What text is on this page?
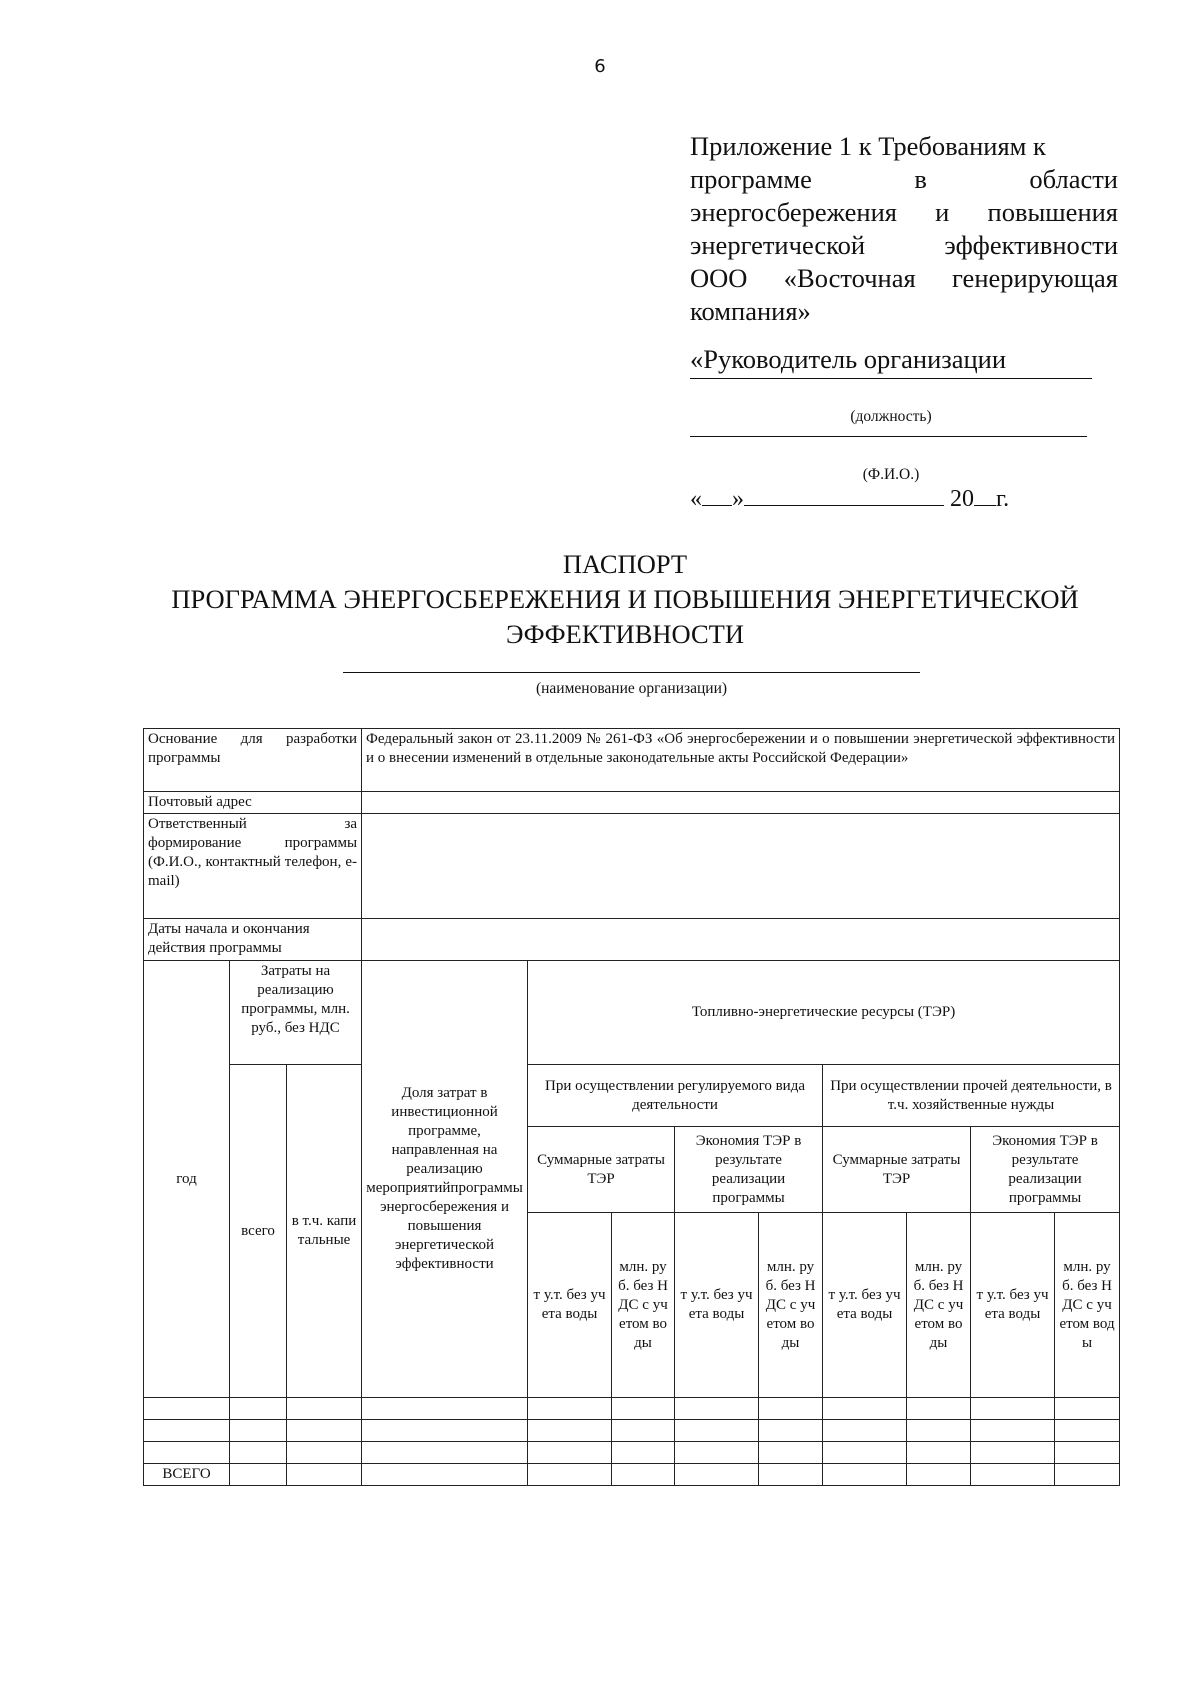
6
Приложение 1 к Требованиям к
программе в области
энергосбережения и повышения
энергетической эффективности
ООО «Восточная генерирующая
компания»
«Руководитель организации
(должность)
(Ф.И.О.)
« »	20 г.
ПАСПОРТ
ПРОГРАММА ЭНЕРГОСБЕРЕЖЕНИЯ И ПОВЫШЕНИЯ ЭНЕРГЕТИЧЕСКОЙ
ЭФФЕКТИВНОСТИ
(наименование организации)
Основание для разработки программы			Федеральный закон от 23.11.2009 № 261-ФЗ «Об энергосбережении и о повышении энергетической эффективности и о внесении изменений в отдельные законодательные акты Российской Федерации»								
Почтовый адрес											
Ответственный за формирование программы (Ф.И.О., контактный телефон, e-mail)											
Даты начала и окончания действия программы											
год	Затраты на реализацию программы, млн. руб., без НДС		Доля затрат в инвестиционной программе, направленная на реализацию мероприятийпрограммы энергосбережения и повышения энергетической эффективности	Топливно-энергетические ресурсы (ТЭР)							
	всего	в т.ч. капитальные		При осуществлении регулируемого вида деятельности				При осуществлении прочей деятельности, в т.ч. хозяйственные нужды			
				Суммарные затраты ТЭР		Экономия ТЭР в результате реализации программы		Суммарные затраты ТЭР		Экономия ТЭР в результате реализации программы	
				т у.т. без учета воды	млн. руб. без НДС с учетом воды	т у.т. без учета воды	млн. руб. без НДС с учетом воды	т у.т. без учета воды	млн. руб. без НДС с учетом воды	т у.т. без учета воды	млн. руб. без НДС с учетом воды

ВСЕГО											
